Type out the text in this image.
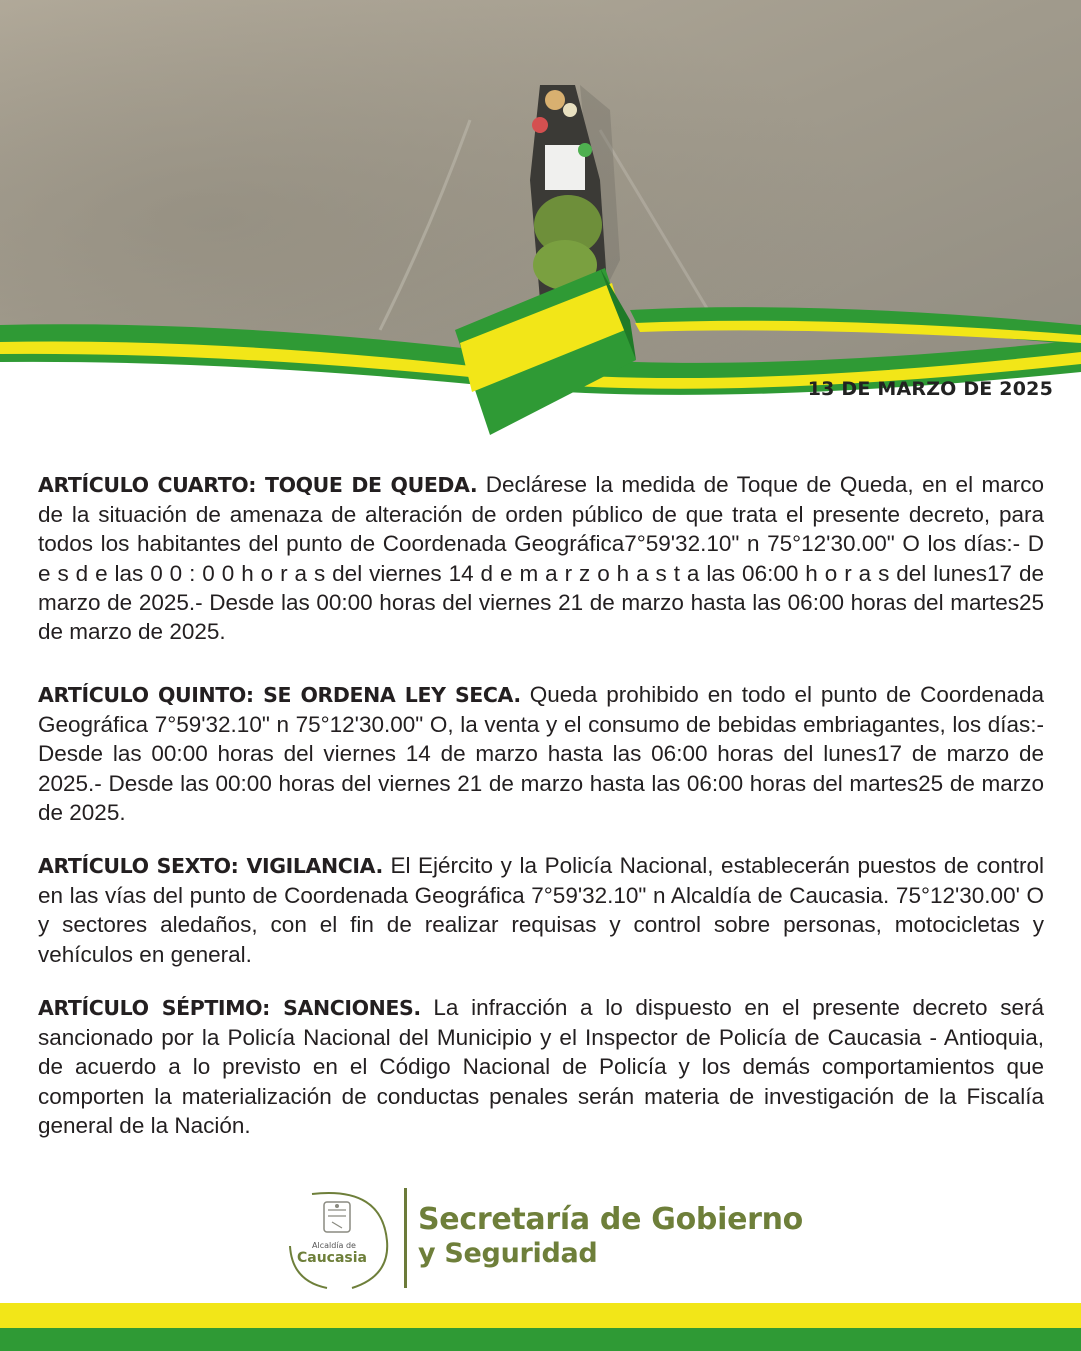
13 DE MARZO DE 2025
ARTÍCULO CUARTO: TOQUE DE QUEDA. Declárese la medida de Toque de Queda, en el marco de la situación de amenaza de alteración de orden público de que trata el presente decreto, para todos los habitantes del punto de Coordenada Geográfica7°59'32.10" n 75°12'30.00" O los días:- D e s d e las 0 0 : 0 0 h o r a s del viernes 14 d e m a r z o h a s t a las 06:00 h o r a s del lunes17 de marzo de 2025.- Desde las 00:00 horas del viernes 21 de marzo hasta las 06:00 horas del martes25 de marzo de 2025.
ARTÍCULO QUINTO: SE ORDENA LEY SECA. Queda prohibido en todo el punto de Coordenada Geográfica 7°59'32.10" n 75°12'30.00" O, la venta y el consumo de bebidas embriagantes, los días:- Desde las 00:00 horas del viernes 14 de marzo hasta las 06:00 horas del lunes17 de marzo de 2025.- Desde las 00:00 horas del viernes 21 de marzo hasta las 06:00 horas del martes25 de marzo de 2025.
ARTÍCULO SEXTO: VIGILANCIA. El Ejército y la Policía Nacional, establecerán puestos de control en las vías del punto de Coordenada Geográfica 7°59'32.10" n Alcaldía de Caucasia. 75°12'30.00' O y sectores aledaños, con el fin de realizar requisas y control sobre personas, motocicletas y vehículos en general.
ARTÍCULO SÉPTIMO: SANCIONES. La infracción a lo dispuesto en el presente decreto será sancionado por la Policía Nacional del Municipio y el Inspector de Policía de Caucasia - Antioquia, de acuerdo a lo previsto en el Código Nacional de Policía y los demás comportamientos que comporten la materialización de conductas penales serán materia de investigación de la Fiscalía general de la Nación.
Alcaldía de
Caucasia
Secretaría de Gobierno
y Seguridad
